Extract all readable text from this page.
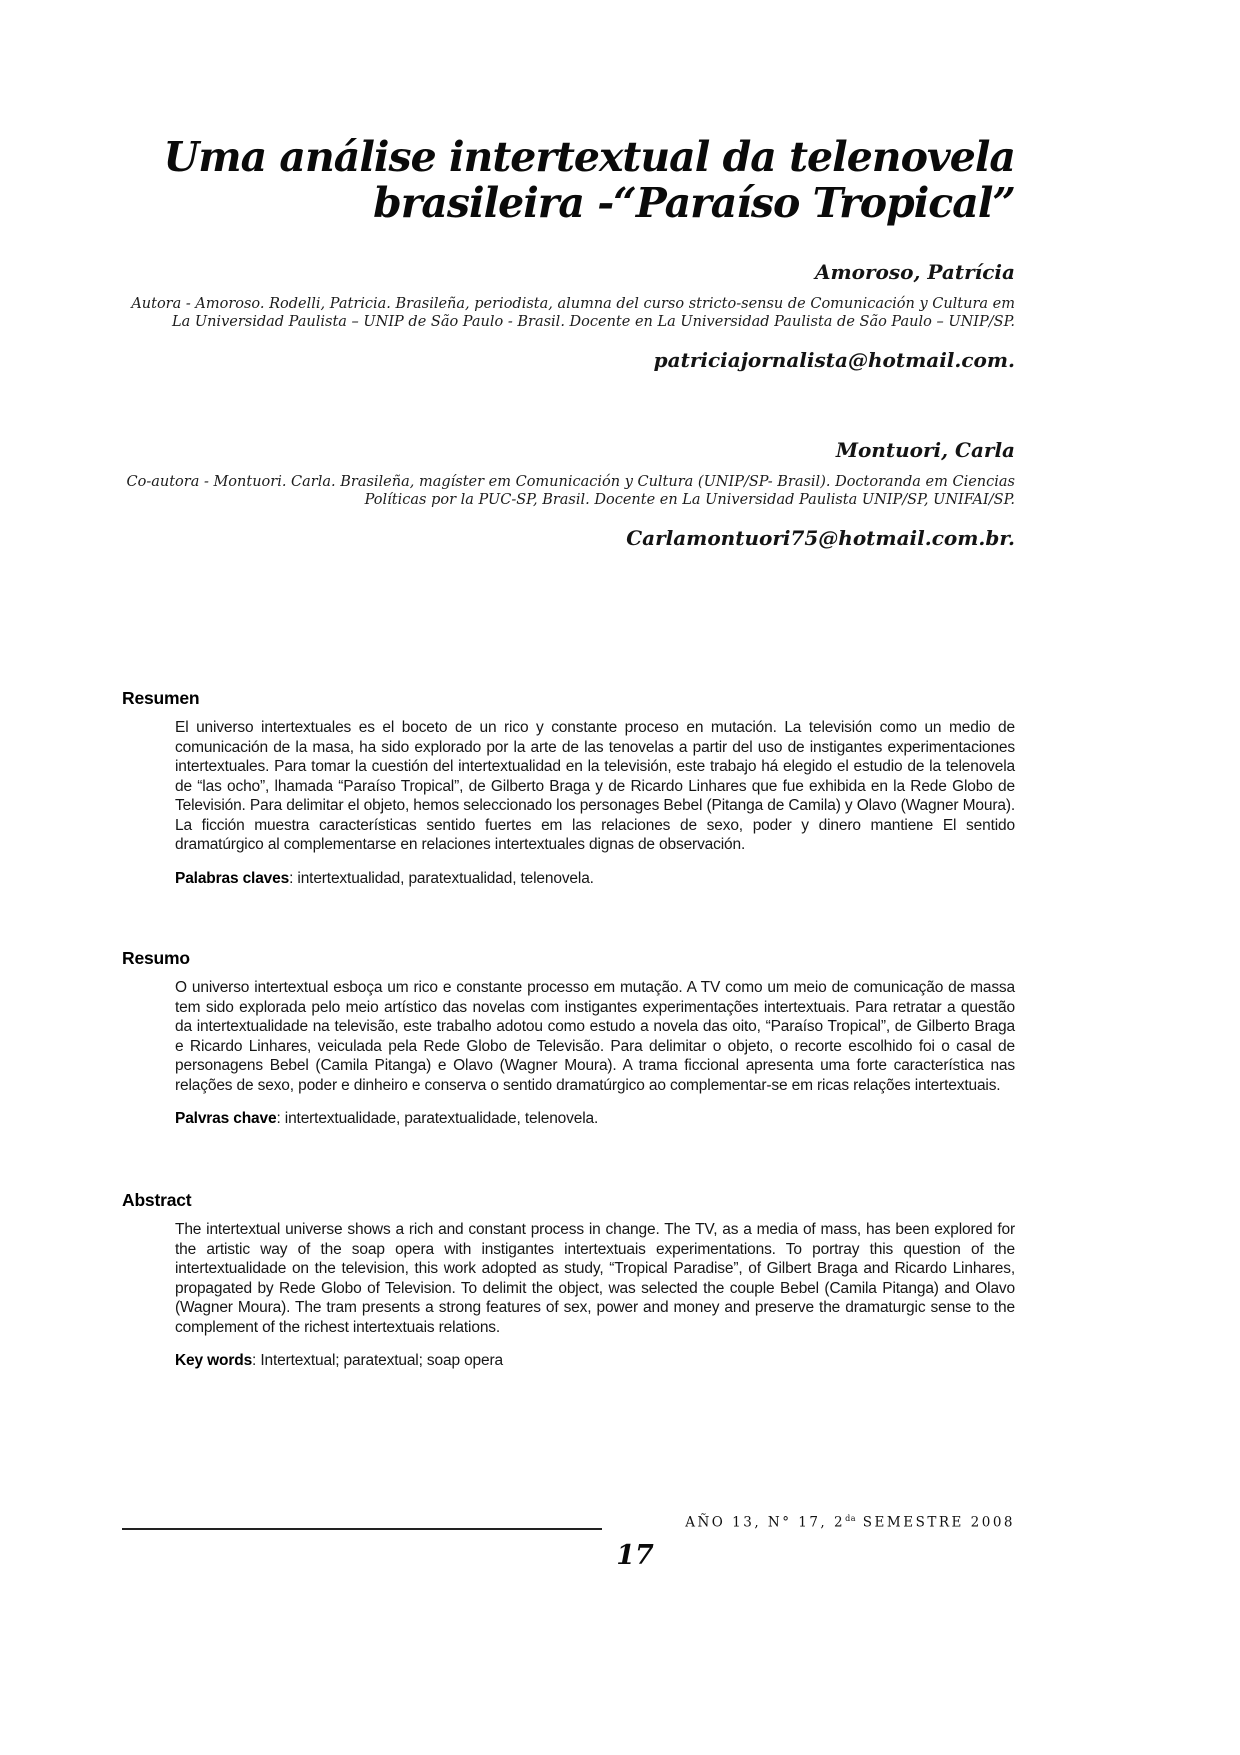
Uma análise intertextual da telenovela
brasileira -“Paraíso Tropical”
Amoroso, Patrícia
Autora - Amoroso. Rodelli, Patricia. Brasileña, periodista, alumna del curso stricto-sensu de Comunicación y Cultura em La Universidad Paulista – UNIP de São Paulo - Brasil. Docente en La Universidad Paulista de São Paulo – UNIP/SP.
patriciajornalista@hotmail.com.
Montuori, Carla
Co-autora - Montuori. Carla. Brasileña, magíster em Comunicación y Cultura (UNIP/SP- Brasil). Doctoranda em Ciencias Políticas por la PUC-SP, Brasil. Docente en La Universidad Paulista UNIP/SP, UNIFAI/SP.
Carlamontuori75@hotmail.com.br.
Resumen

El universo intertextuales es el boceto de un rico y constante proceso en mutación. La televisión como un medio de comunicación de la masa, ha sido explorado por la arte de las tenovelas a partir del uso de instigantes experimentaciones intertextuales. Para tomar la cuestión del intertextualidad en la televisión, este trabajo há elegido el estudio de la telenovela de “las ocho”, lhamada “Paraíso Tropical”, de Gilberto Braga y de Ricardo Linhares que fue exhibida en la Rede Globo de Televisión. Para delimitar el objeto, hemos seleccionado los personages Bebel (Pitanga de Camila) y Olavo (Wagner Moura). La ficción muestra características sentido fuertes em las relaciones de sexo, poder y dinero mantiene El sentido dramatúrgico al complementarse en relaciones intertextuales dignas de observación.

Palabras claves: intertextualidad, paratextualidad, telenovela.

Resumo

O universo intertextual esboça um rico e constante processo em mutação. A TV como um meio de comunicação de massa tem sido explorada pelo meio artístico das novelas com instigantes experimentações intertextuais. Para retratar a questão da intertextualidade na televisão, este trabalho adotou como estudo a novela das oito, “Paraíso Tropical”, de Gilberto Braga e Ricardo Linhares, veiculada pela Rede Globo de Televisão. Para delimitar o objeto, o recorte escolhido foi o casal de personagens Bebel (Camila Pitanga) e Olavo (Wagner Moura). A trama ficcional apresenta uma forte característica nas relações de sexo, poder e dinheiro e conserva o sentido dramatúrgico ao complementar-se em ricas relações intertextuais.

Palvras chave: intertextualidade, paratextualidade, telenovela.

Abstract

The intertextual universe shows a rich and constant process in change. The TV, as a media of mass, has been explored for the artistic way of the soap opera with instigantes intertextuais experimentations. To portray this question of the intertextualidade on the television, this work adopted as study, “Tropical Paradise”, of Gilbert Braga and Ricardo Linhares, propagated by Rede Globo of Television. To delimit the object, was selected the couple Bebel (Camila Pitanga) and Olavo (Wagner Moura). The tram presents a strong features of sex, power and money and preserve the dramaturgic sense to the complement of the richest intertextuais relations.

Key words: Intertextual; paratextual; soap opera

AÑO 13, N° 17, $2^{da}$ SEMESTRE 2008
17
